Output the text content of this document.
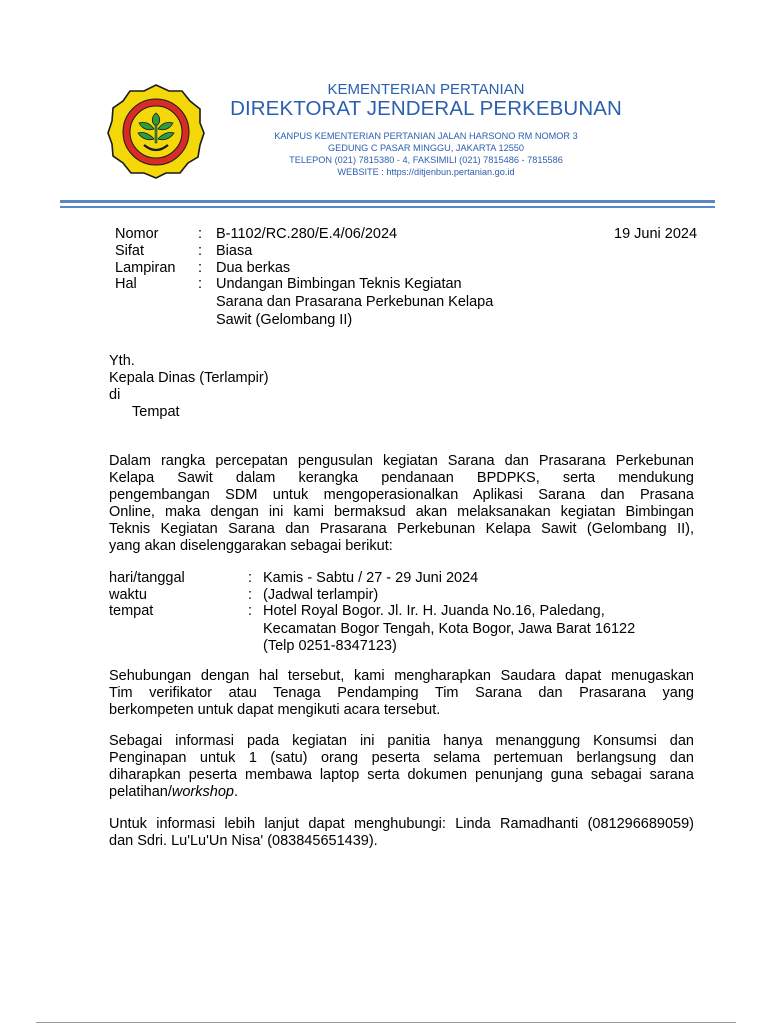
KEMENTERIAN PERTANIAN
DIREKTORAT JENDERAL PERKEBUNAN
KANPUS KEMENTERIAN PERTANIAN JALAN HARSONO RM NOMOR 3
GEDUNG C PASAR MINGGU, JAKARTA 12550
TELEPON (021) 7815380 - 4, FAKSIMILI (021) 7815486 - 7815586
WEBSITE : https://ditjenbun.pertanian.go.id
Nomor	: B-1102/RC.280/E.4/06/2024	19 Juni 2024
Sifat	: Biasa
Lampiran : Dua berkas
Hal	: Undangan Bimbingan Teknis Kegiatan
Sarana dan Prasarana Perkebunan Kelapa
Sawit (Gelombang II)
Yth.
Kepala Dinas (Terlampir)
di
Tempat
Dalam rangka percepatan pengusulan kegiatan Sarana dan Prasarana Perkebunan
Kelapa Sawit dalam kerangka pendanaan BPDPKS, serta mendukung
pengembangan SDM untuk mengoperasionalkan Aplikasi Sarana dan Prasana
Online, maka dengan ini kami bermaksud akan melaksanakan kegiatan Bimbingan
Teknis Kegiatan Sarana dan Prasarana Perkebunan Kelapa Sawit (Gelombang II),
yang akan diselenggarakan sebagai berikut:
hari/tanggal	: Kamis - Sabtu / 27 - 29 Juni 2024
waktu	: (Jadwal terlampir)
tempat	: Hotel Royal Bogor. Jl. Ir. H. Juanda No.16, Paledang,
Kecamatan Bogor Tengah, Kota Bogor, Jawa Barat 16122
(Telp 0251-8347123)
Sehubungan dengan hal tersebut, kami mengharapkan Saudara dapat menugaskan
Tim verifikator atau Tenaga Pendamping Tim Sarana dan Prasarana yang
berkompeten untuk dapat mengikuti acara tersebut.
Sebagai informasi pada kegiatan ini panitia hanya menanggung Konsumsi dan
Penginapan untuk 1 (satu) orang peserta selama pertemuan berlangsung dan
diharapkan peserta membawa laptop serta dokumen penunjang guna sebagai sarana
pelatihan/workshop.
Untuk informasi lebih lanjut dapat menghubungi: Linda Ramadhanti (081296689059)
dan Sdri. Lu'Lu'Un Nisa' (083845651439).
